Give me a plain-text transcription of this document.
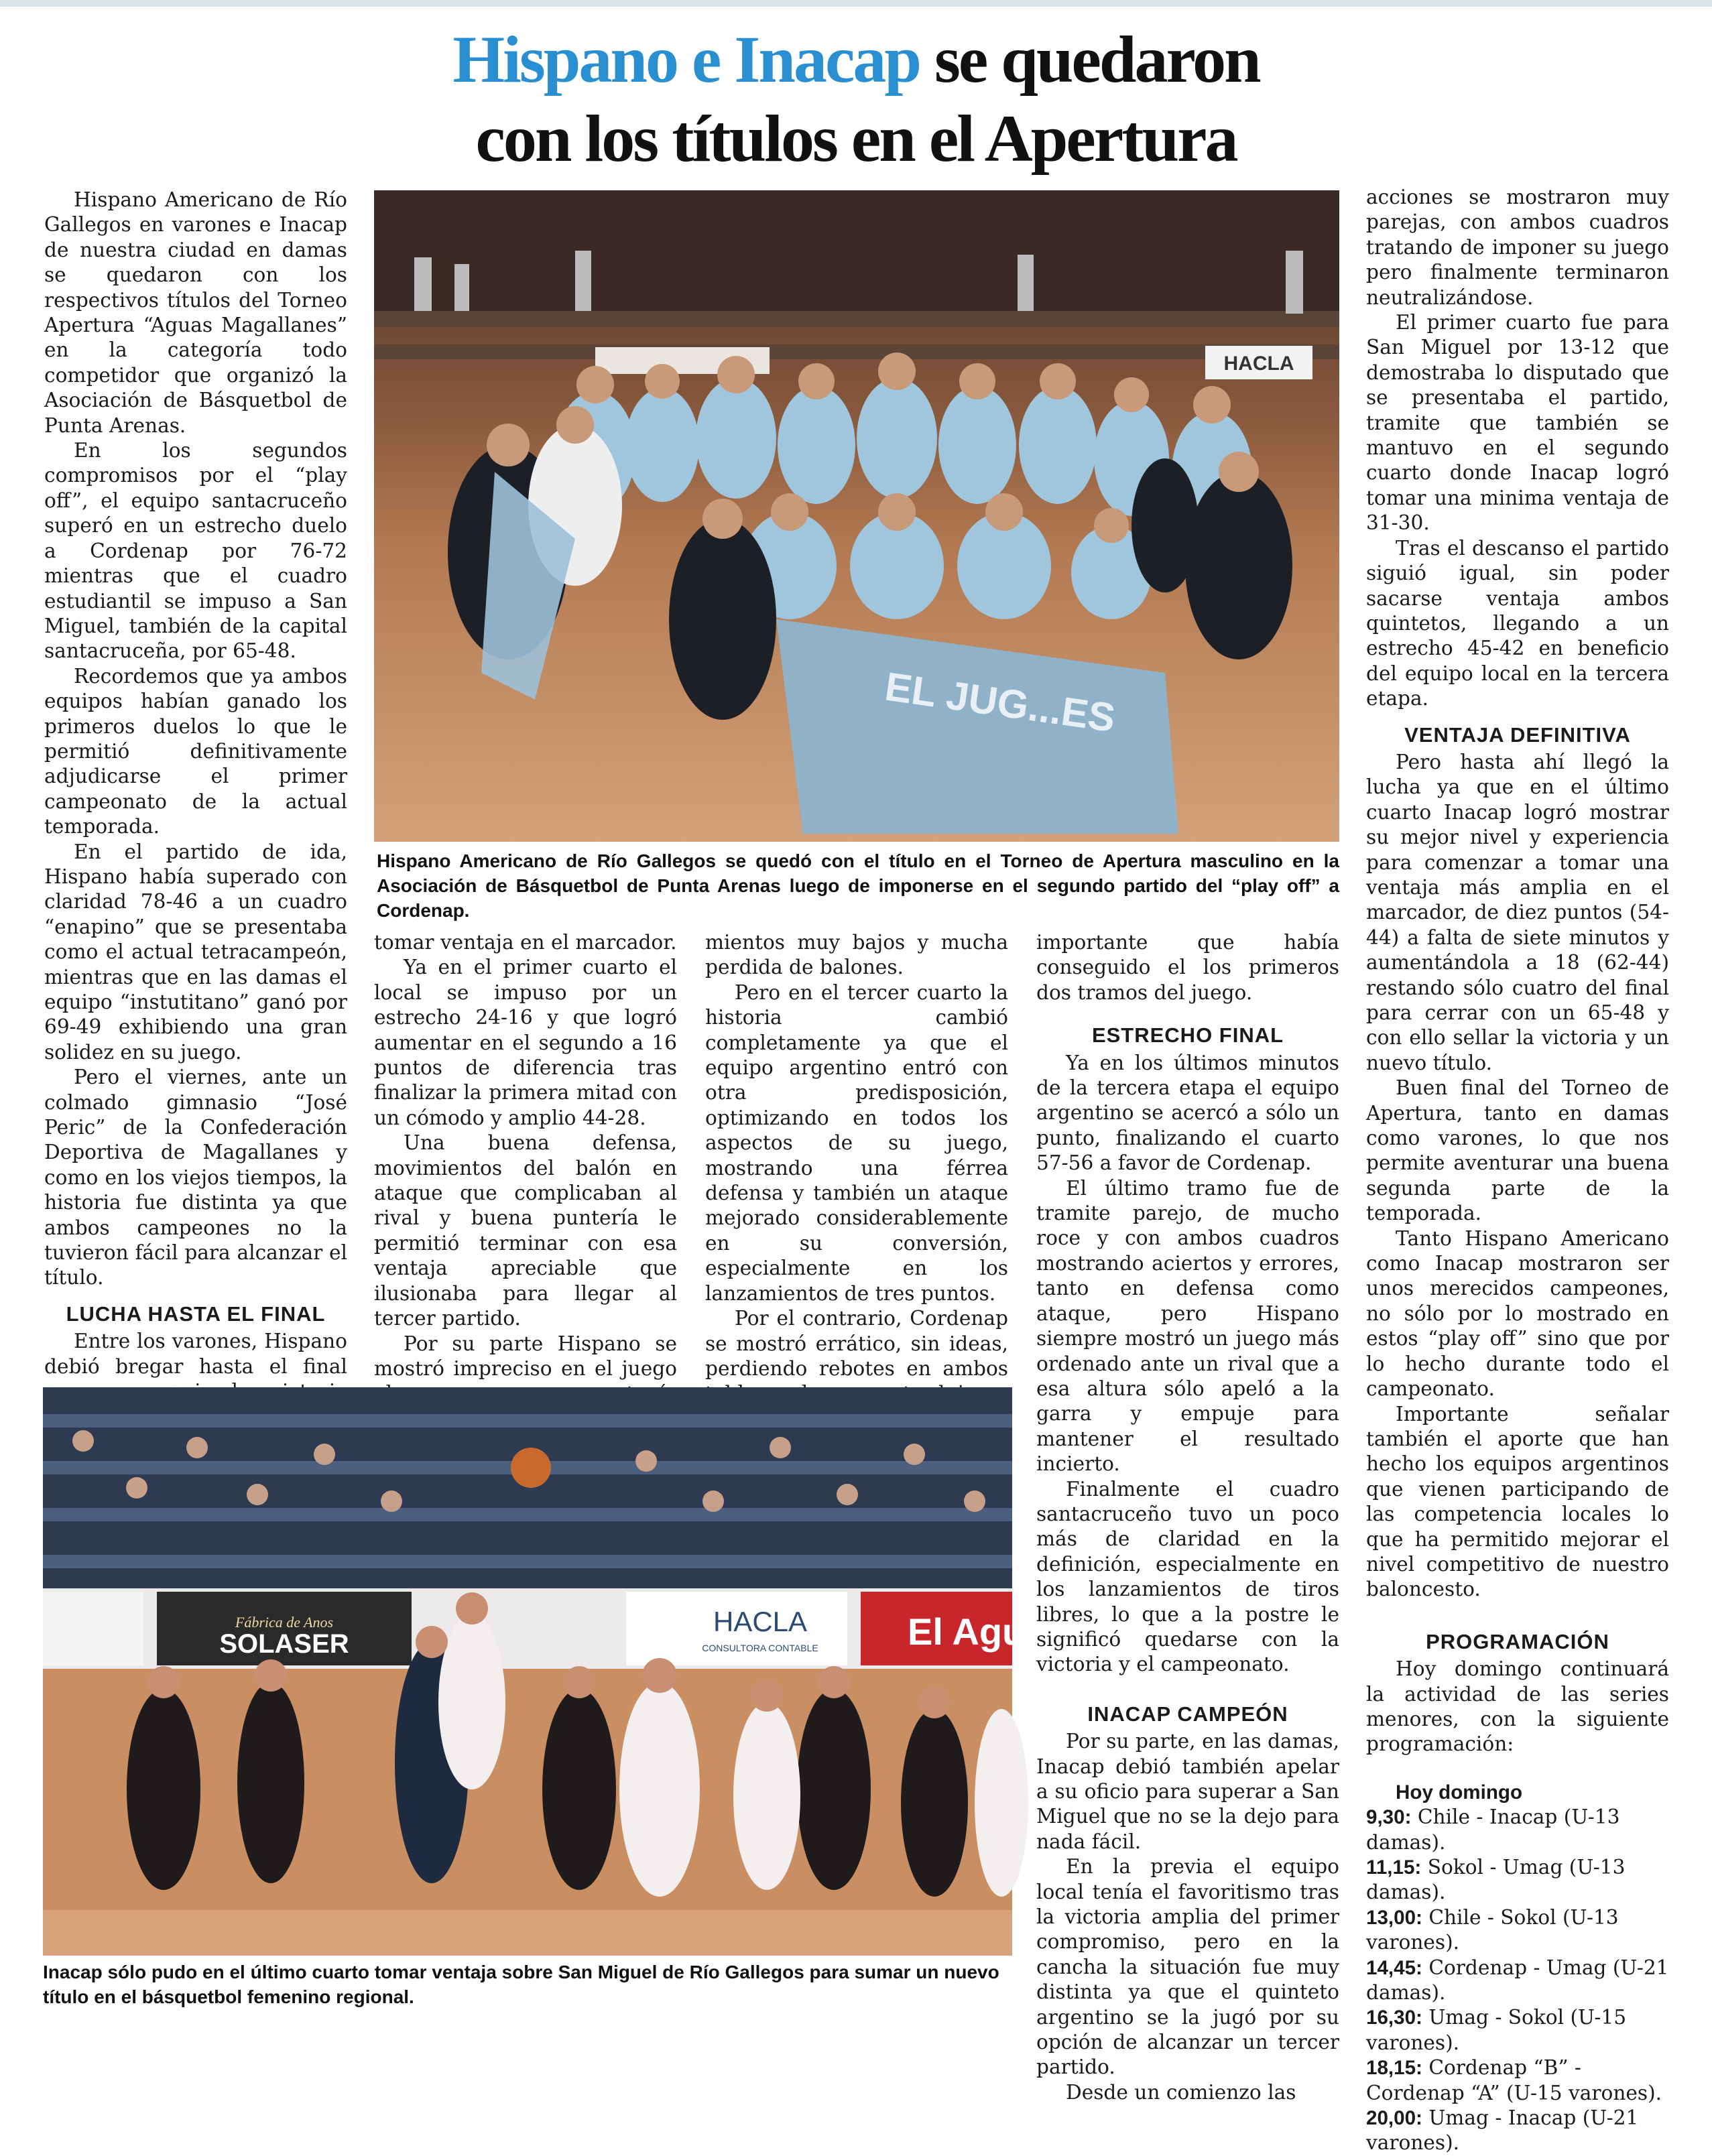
Hispano e Inacap se quedaron
con los títulos en el Apertura

Hispano Americano de Río Gallegos en varones e Inacap de nuestra ciudad en damas se quedaron con los respectivos títulos del Torneo Apertura “Aguas Magallanes” en la categoría todo competidor que organizó la Asociación de Básquetbol de Punta Arenas.

En los segundos compromisos por el “play off”, el equipo santacruceño superó en un estrecho duelo a Cordenap por 76-72 mientras que el cuadro estudiantil se impuso a San Miguel, también de la capital santacruceña, por 65-48.

Recordemos que ya ambos equipos habían ganado los primeros duelos lo que le permitió definitivamente adjudicarse el primer campeonato de la actual temporada.

En el partido de ida, Hispano había superado con claridad 78-46 a un cuadro “enapino” que se presentaba como el actual tetracampeón, mientras que en las damas el equipo “instutitano” ganó por 69-49 exhibiendo una gran solidez en su juego.

Pero el viernes, ante un colmado gimnasio “José Peric” de la Confederación Deportiva de Magallanes y como en los viejos tiempos, la historia fue distinta ya que ambos campeones no la tuvieron fácil para alcanzar el título.

LUCHA HASTA EL FINAL

Entre los varones, Hispano debió bregar hasta el final

HACLA
EL JUG...ES
Hispano Americano de Río Gallegos se quedó con el título en el Torneo de Apertura masculino en la Asociación de Básquetbol de Punta Arenas luego de imponerse en el segundo partido del “play off” a Cordenap.

tomar ventaja en el marcador.

Ya en el primer cuarto el local se impuso por un estrecho 24-16 y que logró aumentar en el segundo a 16 puntos de diferencia tras finalizar la primera mitad con un cómodo y amplio 44-28.

Una buena defensa, movimientos del balón en ataque que complicaban al rival y buena puntería le permitió terminar con esa ventaja apreciable que ilusionaba para llegar al tercer partido.

Por su parte Hispano se mostró impreciso en el juego

mientos muy bajos y mucha perdida de balones.

Pero en el tercer cuarto la historia cambió completamente ya que el equipo argentino entró con otra predisposición, optimizando en todos los aspectos de su juego, mostrando una férrea defensa y también un ataque mejorado considerablemente en su conversión, especialmente en los lanzamientos de tres puntos.

Por el contrario, Cordenap se mostró errático, sin ideas, perdiendo rebotes en ambos

Fábrica de Anos
SOLASER
HACLA
CONSULTORA CONTABLE El Agu
Inacap sólo pudo en el último cuarto tomar ventaja sobre San Miguel de Río Gallegos para sumar un nuevo título en el básquetbol femenino regional.

importante que había conseguido el los primeros dos tramos del juego.

ESTRECHO FINAL

Ya en los últimos minutos de la tercera etapa el equipo argentino se acercó a sólo un punto, finalizando el cuarto 57-56 a favor de Cordenap.

El último tramo fue de tramite parejo, de mucho roce y con ambos cuadros mostrando aciertos y errores, tanto en defensa como ataque, pero Hispano siempre mostró un juego más ordenado ante un rival que a esa altura sólo apeló a la garra y empuje para mantener el resultado incierto.

Finalmente el cuadro santacruceño tuvo un poco más de claridad en la definición, especialmente en los lanzamientos de tiros libres, lo que a la postre le significó quedarse con la victoria y el campeonato.

INACAP CAMPEÓN

Por su parte, en las damas, Inacap debió también apelar a su oficio para superar a San Miguel que no se la dejo para nada fácil.

En la previa el equipo local tenía el favoritismo tras la victoria amplia del primer compromiso, pero en la cancha la situación fue muy distinta ya que el quinteto argentino se la jugó por su opción de alcanzar un tercer partido.

Desde un comienzo las

acciones se mostraron muy parejas, con ambos cuadros tratando de imponer su juego pero finalmente terminaron neutralizándose.

El primer cuarto fue para San Miguel por 13-12 que demostraba lo disputado que se presentaba el partido, tramite que también se mantuvo en el segundo cuarto donde Inacap logró tomar una minima ventaja de 31-30.

Tras el descanso el partido siguió igual, sin poder sacarse ventaja ambos quintetos, llegando a un estrecho 45-42 en beneficio del equipo local en la tercera etapa.

VENTAJA DEFINITIVA

Pero hasta ahí llegó la lucha ya que en el último cuarto Inacap logró mostrar su mejor nivel y experiencia para comenzar a tomar una ventaja más amplia en el marcador, de diez puntos (54-44) a falta de siete minutos y aumentándola a 18 (62-44) restando sólo cuatro del final para cerrar con un 65-48 y con ello sellar la victoria y un nuevo título.

Buen final del Torneo de Apertura, tanto en damas como varones, lo que nos permite aventurar una buena segunda parte de la temporada.

Tanto Hispano Americano como Inacap mostraron ser unos merecidos campeones, no sólo por lo mostrado en estos “play off” sino que por lo hecho durante todo el campeonato.

Importante señalar también el aporte que han hecho los equipos argentinos que vienen participando de las competencia locales lo que ha permitido mejorar el nivel competitivo de nuestro baloncesto.

PROGRAMACIÓN

Hoy domingo continuará la actividad de las series menores, con la siguiente programación:

Hoy domingo

9,30: Chile - Inacap (U-13 damas).

11,15: Sokol - Umag (U-13 damas).

13,00: Chile - Sokol (U-13 varones).

14,45: Cordenap - Umag (U-21 damas).

16,30: Umag - Sokol (U-15 varones).

18,15: Cordenap “B” - Cordenap “A” (U-15 varones).

20,00: Umag - Inacap (U-21 varones).
